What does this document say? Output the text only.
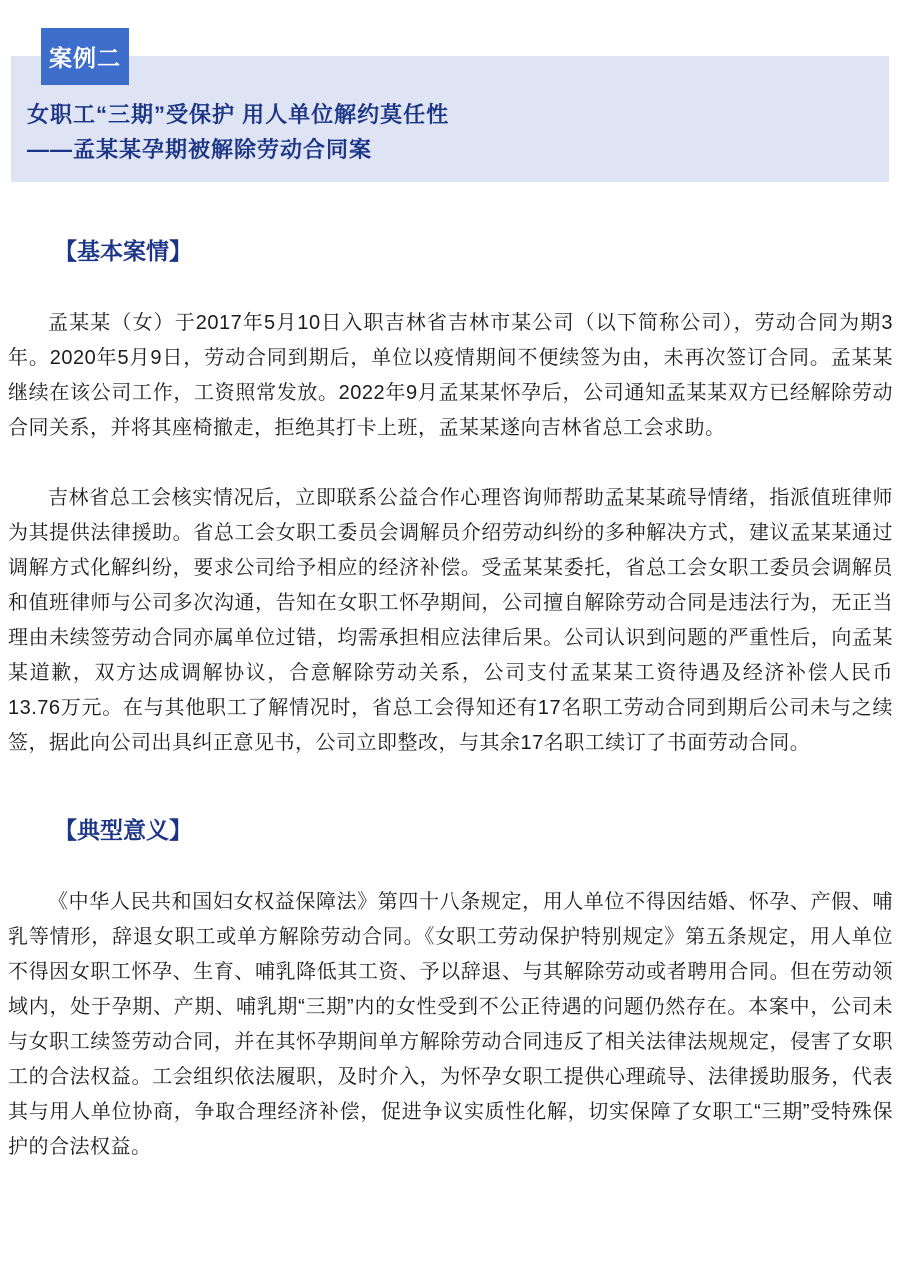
案例二
女职工“三期”受保护 用人单位解约莫任性
——孟某某孕期被解除劳动合同案
【基本案情】

孟某某（女）于2017年5月10日入职吉林省吉林市某公司（以下简称公司），劳动合同为期3年。2020年5月9日，劳动合同到期后，单位以疫情期间不便续签为由，未再次签订合同。孟某某继续在该公司工作，工资照常发放。2022年9月孟某某怀孕后，公司通知孟某某双方已经解除劳动合同关系，并将其座椅撤走，拒绝其打卡上班，孟某某遂向吉林省总工会求助。

吉林省总工会核实情况后，立即联系公益合作心理咨询师帮助孟某某疏导情绪，指派值班律师为其提供法律援助。省总工会女职工委员会调解员介绍劳动纠纷的多种解决方式，建议孟某某通过调解方式化解纠纷，要求公司给予相应的经济补偿。受孟某某委托，省总工会女职工委员会调解员和值班律师与公司多次沟通，告知在女职工怀孕期间，公司擅自解除劳动合同是违法行为，无正当理由未续签劳动合同亦属单位过错，均需承担相应法律后果。公司认识到问题的严重性后，向孟某某道歉，双方达成调解协议，合意解除劳动关系，公司支付孟某某工资待遇及经济补偿人民币13.76万元。在与其他职工了解情况时，省总工会得知还有17名职工劳动合同到期后公司未与之续签，据此向公司出具纠正意见书，公司立即整改，与其余17名职工续订了书面劳动合同。

【典型意义】

《中华人民共和国妇女权益保障法》第四十八条规定，用人单位不得因结婚、怀孕、产假、哺乳等情形，辞退女职工或单方解除劳动合同。《女职工劳动保护特别规定》第五条规定，用人单位不得因女职工怀孕、生育、哺乳降低其工资、予以辞退、与其解除劳动或者聘用合同。但在劳动领域内，处于孕期、产期、哺乳期“三期”内的女性受到不公正待遇的问题仍然存在。本案中，公司未与女职工续签劳动合同，并在其怀孕期间单方解除劳动合同违反了相关法律法规规定，侵害了女职工的合法权益。工会组织依法履职，及时介入，为怀孕女职工提供心理疏导、法律援助服务，代表其与用人单位协商，争取合理经济补偿，促进争议实质性化解，切实保障了女职工“三期”受特殊保护的合法权益。
